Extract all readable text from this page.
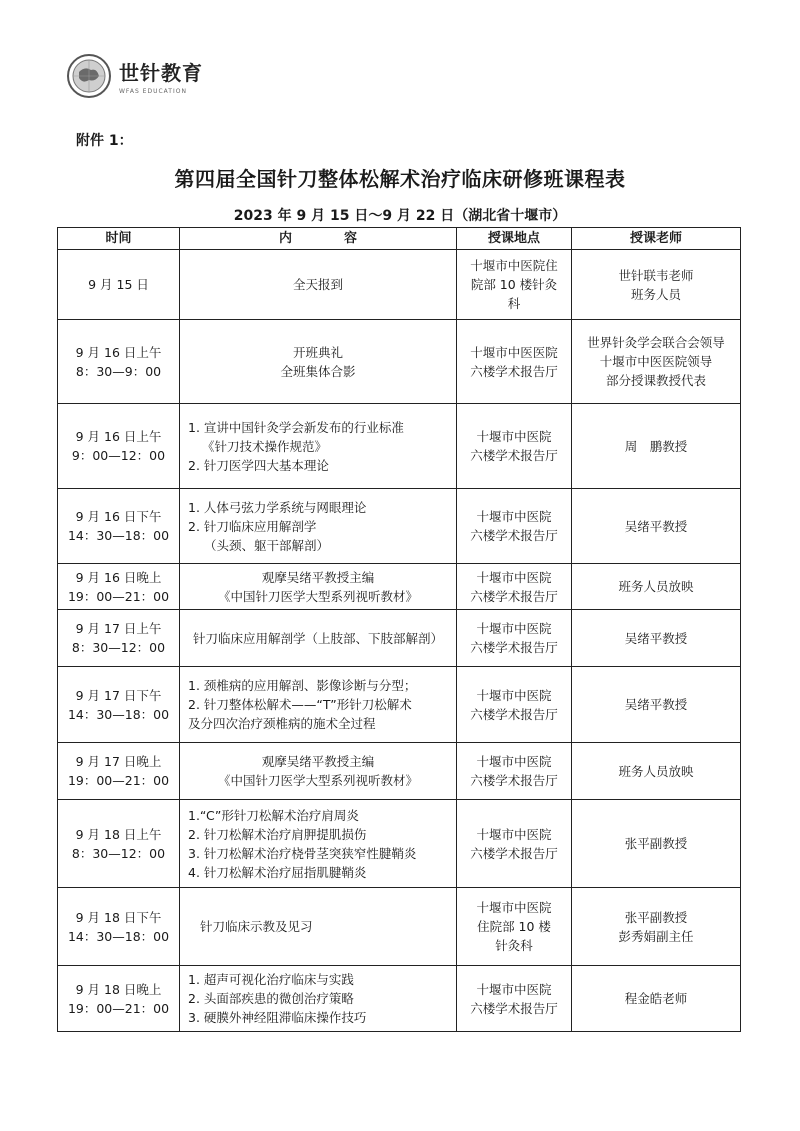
世针教育
WFAS EDUCATION
附件 1：
第四届全国针刀整体松解术治疗临床研修班课程表
2023 年 9 月 15 日～9 月 22 日（湖北省十堰市）
时间	内　　　　容	授课地点	授课老师

9 月 15 日	全天报到	十堰市中医院住
院部 10 楼针灸
科	世针联韦老师
班务人员

9 月 16 日上午
8：30—9：00	开班典礼
全班集体合影	十堰市中医医院
六楼学术报告厅	世界针灸学会联合会领导
十堰市中医医院领导
部分授课教授代表

9 月 16 日上午
9：00—12：00	1. 宣讲中国针灸学会新发布的行业标准
《针刀技术操作规范》
2. 针刀医学四大基本理论	十堰市中医院
六楼学术报告厅	周　鹏教授

9 月 16 日下午
14：30—18：00	1. 人体弓弦力学系统与网眼理论
2. 针刀临床应用解剖学
（头颈、躯干部解剖）	十堰市中医院
六楼学术报告厅	吴绪平教授

9 月 16 日晚上
19：00—21：00	观摩吴绪平教授主编
《中国针刀医学大型系列视听教材》	十堰市中医院
六楼学术报告厅	班务人员放映

9 月 17 日上午
8：30—12：00	针刀临床应用解剖学（上肢部、下肢部解剖）	十堰市中医院
六楼学术报告厅	吴绪平教授

9 月 17 日下午
14：30—18：00	1. 颈椎病的应用解剖、影像诊断与分型；
2. 针刀整体松解术——“T”形针刀松解术
及分四次治疗颈椎病的施术全过程	十堰市中医院
六楼学术报告厅	吴绪平教授

9 月 17 日晚上
19：00—21：00	观摩吴绪平教授主编
《中国针刀医学大型系列视听教材》	十堰市中医院
六楼学术报告厅	班务人员放映

9 月 18 日上午
8：30—12：00	1.“C”形针刀松解术治疗肩周炎
2. 针刀松解术治疗肩胛提肌损伤
3. 针刀松解术治疗桡骨茎突狭窄性腱鞘炎
4. 针刀松解术治疗屈指肌腱鞘炎	十堰市中医院
六楼学术报告厅	张平副教授

9 月 18 日下午
14：30—18：00	针刀临床示教及见习	十堰市中医院
住院部 10 楼
针灸科	张平副教授
彭秀娟副主任

9 月 18 日晚上
19：00—21：00	1. 超声可视化治疗临床与实践
2. 头面部疾患的微创治疗策略
3. 硬膜外神经阻滞临床操作技巧	十堰市中医院
六楼学术报告厅	程金皓老师
